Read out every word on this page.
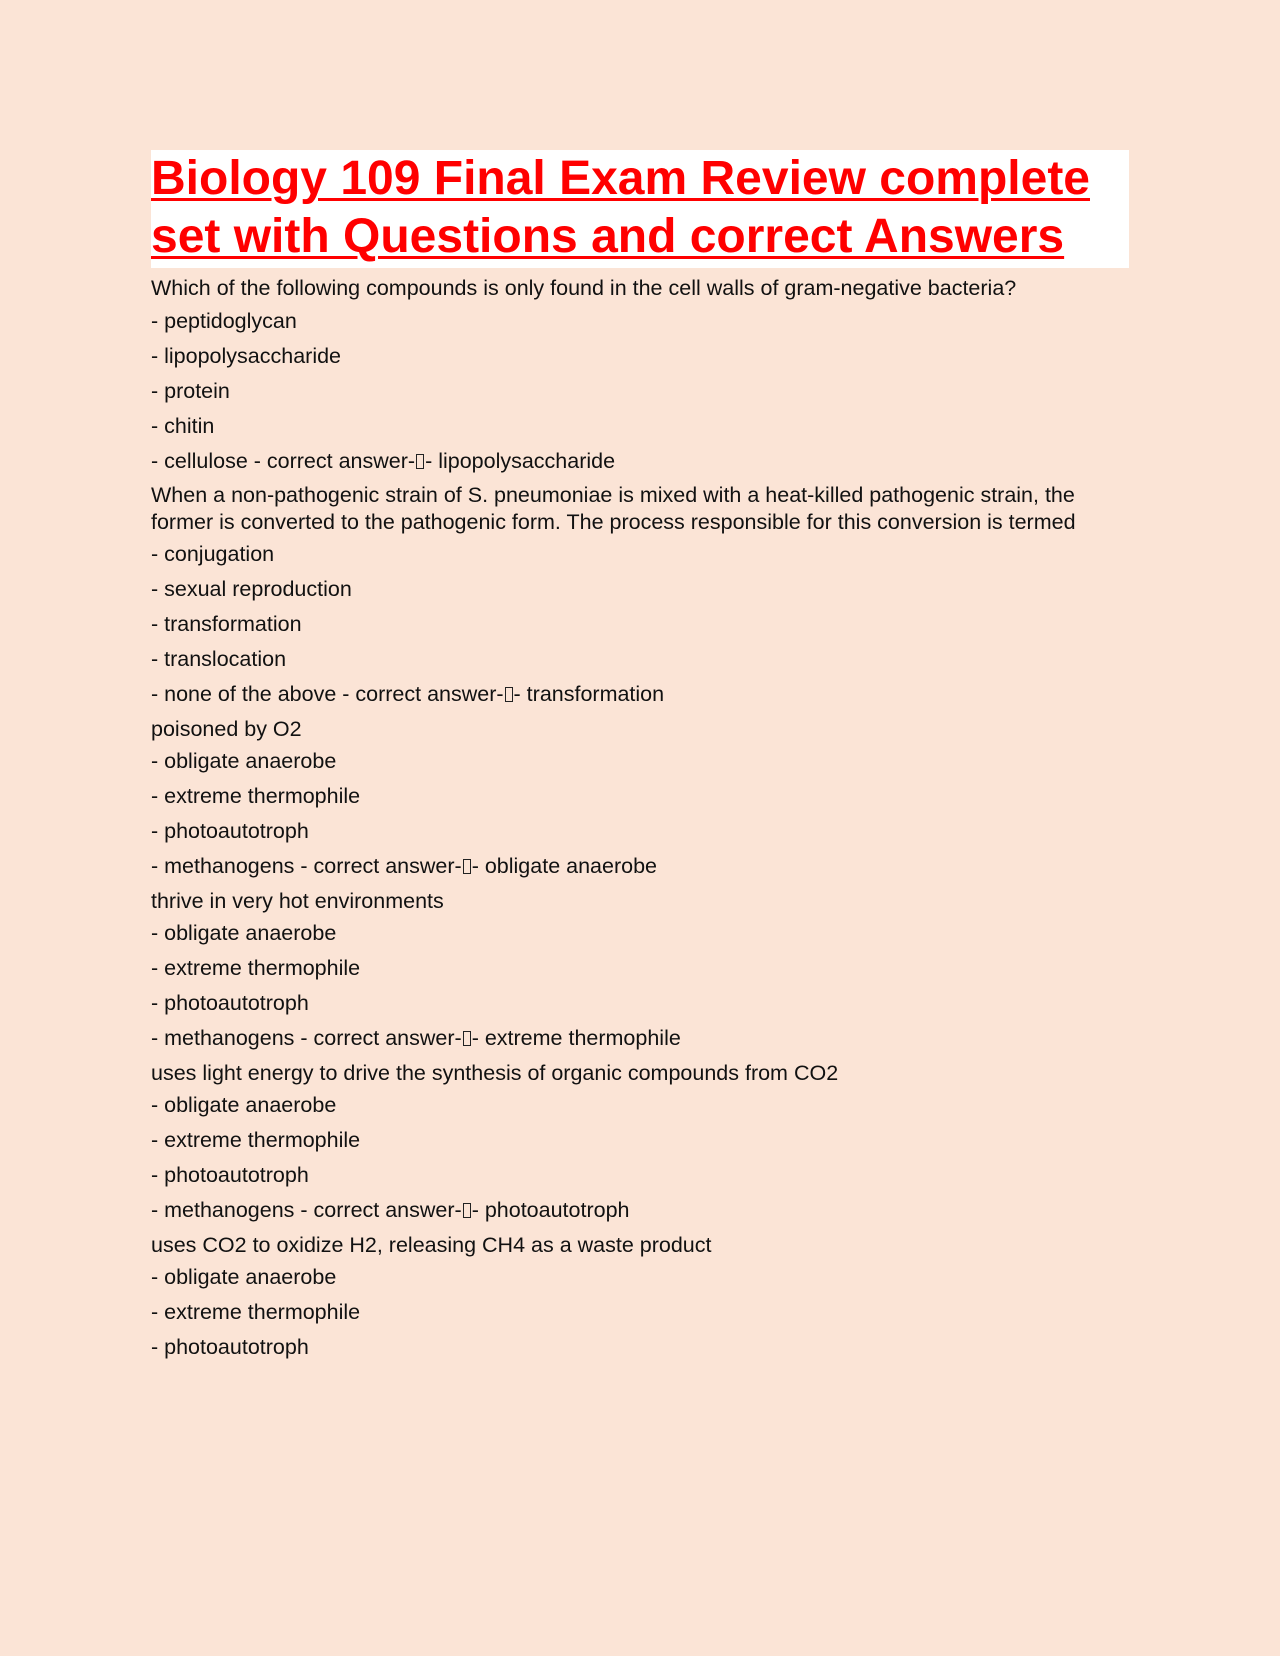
Biology 109 Final Exam Review complete set with Questions and correct Answers

Which of the following compounds is only found in the cell walls of gram-negative bacteria?

- peptidoglycan

- lipopolysaccharide

- protein

- chitin

- cellulose - correct answer- - lipopolysaccharide

When a non-pathogenic strain of S. pneumoniae is mixed with a heat-killed pathogenic strain, the former is converted to the pathogenic form. The process responsible for this conversion is termed

- conjugation

- sexual reproduction

- transformation

- translocation

- none of the above - correct answer- - transformation

poisoned by O2

- obligate anaerobe

- extreme thermophile

- photoautotroph

- methanogens - correct answer- - obligate anaerobe

thrive in very hot environments

- obligate anaerobe

- extreme thermophile

- photoautotroph

- methanogens - correct answer- - extreme thermophile

uses light energy to drive the synthesis of organic compounds from CO2

- obligate anaerobe

- extreme thermophile

- photoautotroph

- methanogens - correct answer- - photoautotroph

uses CO2 to oxidize H2, releasing CH4 as a waste product

- obligate anaerobe

- extreme thermophile

- photoautotroph
